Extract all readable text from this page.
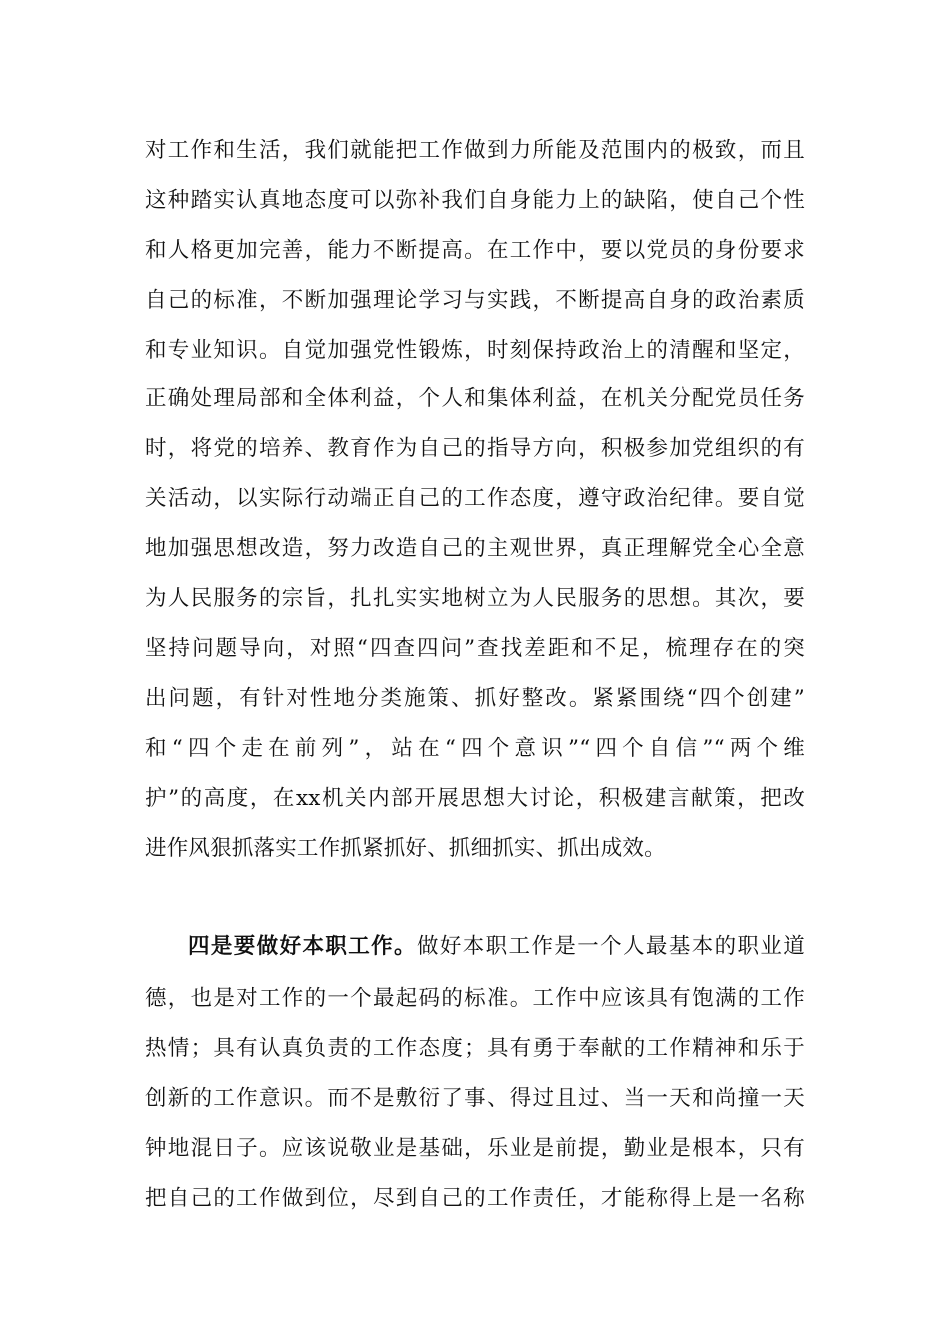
对工作和生活，我们就能把工作做到力所能及范围内的极致，而且
这种踏实认真地态度可以弥补我们自身能力上的缺陷，使自己个性
和人格更加完善，能力不断提高。在工作中，要以党员的身份要求
自己的标准，不断加强理论学习与实践，不断提高自身的政治素质
和专业知识。自觉加强党性锻炼，时刻保持政治上的清醒和坚定，
正确处理局部和全体利益，个人和集体利益，在机关分配党员任务
时，将党的培养、教育作为自己的指导方向，积极参加党组织的有
关活动，以实际行动端正自己的工作态度，遵守政治纪律。要自觉
地加强思想改造，努力改造自己的主观世界，真正理解党全心全意
为人民服务的宗旨，扎扎实实地树立为人民服务的思想。其次，要
坚持问题导向，对照“四查四问”查找差距和不足，梳理存在的突
出问题，有针对性地分类施策、抓好整改。紧紧围绕“四个创建”
和“四个走在前列”，站在“四个意识”“四个自信”“两个维
护”的高度，在xx机关内部开展思想大讨论，积极建言献策，把改
进作风狠抓落实工作抓紧抓好、抓细抓实、抓出成效。
四是要做好本职工作。做好本职工作是一个人最基本的职业道
德，也是对工作的一个最起码的标准。工作中应该具有饱满的工作
热情；具有认真负责的工作态度；具有勇于奉献的工作精神和乐于
创新的工作意识。而不是敷衍了事、得过且过、当一天和尚撞一天
钟地混日子。应该说敬业是基础，乐业是前提，勤业是根本，只有
把自己的工作做到位，尽到自己的工作责任，才能称得上是一名称
